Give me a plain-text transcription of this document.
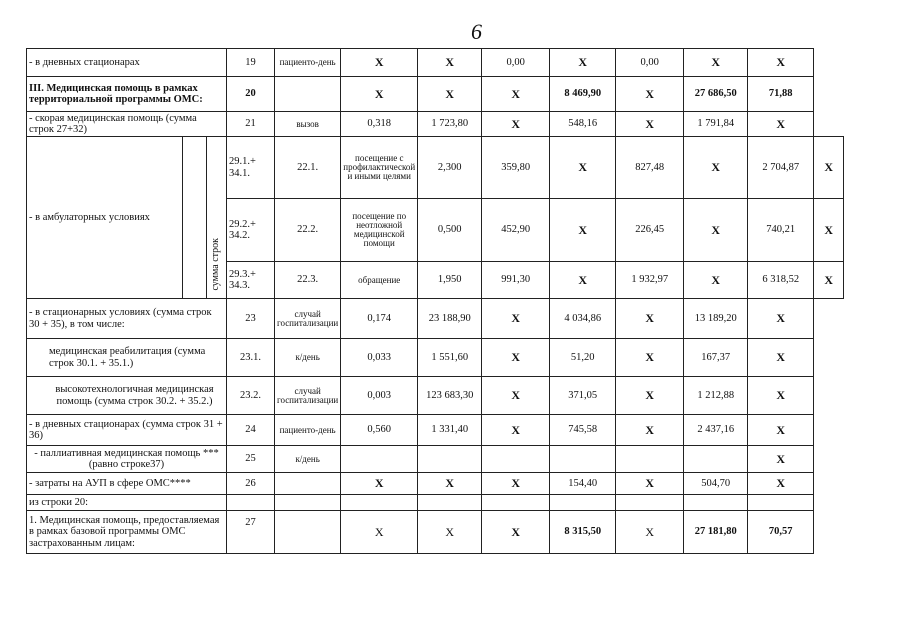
6
- в дневных стационарах			19	пациенто-день	X	X	0,00	X	0,00	X	X	
III. Медицинская помощь в рамках территориальной программы ОМС:			20		X	X	X	8 469,90	X	27 686,50	71,88	
- скорая медицинская помощь (сумма строк 27+32)			21	вызов	0,318	1 723,80	X	548,16	X	1 791,84	X	
- в амбулаторных условиях		сумма строк	29.1.+ 34.1.	22.1.	посещение с профилактической и иными целями	2,300	359,80	X	827,48	X	2 704,87	X
			29.2.+ 34.2.	22.2.	посещение по неотложной медицинской помощи	0,500	452,90	X	226,45	X	740,21	X
			29.3.+ 34.3.	22.3.	обращение	1,950	991,30	X	1 932,97	X	6 318,52	X
- в стационарных условиях (сумма строк 30 + 35), в том числе:			23	случай госпитализации	0,174	23 188,90	X	4 034,86	X	13 189,20	X	
медицинская реабилитация (сумма строк 30.1. + 35.1.)			23.1.	к/день	0,033	1 551,60	X	51,20	X	167,37	X	
высокотехнологичная медицинская помощь (сумма строк 30.2. + 35.2.)			23.2.	случай госпитализации	0,003	123 683,30	X	371,05	X	1 212,88	X	
- в дневных стационарах (сумма строк 31 + 36)			24	пациенто-день	0,560	1 331,40	X	745,58	X	2 437,16	X	
- паллиативная медицинская помощь *** (равно строке37)			25	к/день							X	
- затраты на АУП в сфере ОМС****			26		X	X	X	154,40	X	504,70	X	
из строки 20:												
1. Медицинская помощь, предоставляемая в рамках базовой программы ОМС застрахованным лицам:			27		X	X	X	8 315,50	X	27 181,80	70,57	
